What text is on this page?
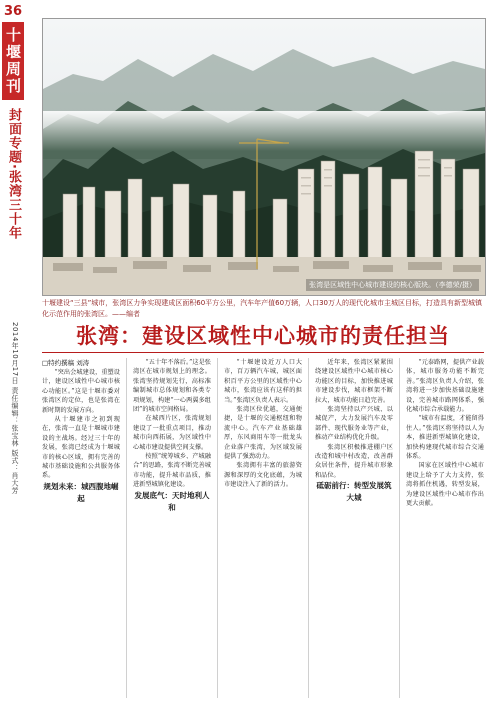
36
十堰周刊
封面专题·张湾三十年
2014年10月17日 责任编辑：张宝林 版式：肖大芳
张湾是区域性中心城市建设的核心版块。（李德荣/摄）
十堰建设“三县”城市，张湾区力争实现建成区面积60平方公里，汽车年产值60万辆，人口30万人的现代化城市主城区目标，打造具有新型城镇化示范作用的张湾区。——编者
张湾：建设区域性中心城市的责任担当

□特约撰稿 刘涛

“突出会城建设，重塑设计，建设区域性中心城市核心功能区。”这是十堰市委对张湾区的定位，也是张湾在新时期的发展方向。

从十堰建市之初到现在，张湾一直是十堰城市建设的主战场。经过三十年的发展，张湾已经成为十堰城市的核心区域，拥有完善的城市基础设施和公共服务体系。

规划未来：城西腹地崛起

“五十年不落后。”这是张湾区在城市规划上的理念。张湾坚持规划先行，高标准编制城市总体规划和各类专项规划，构建“一心两翼多组团”的城市空间格局。

在城西片区，张湾规划建设了一批重点项目，推动城市向西拓展，为区域性中心城市建设提供空间支撑。

按照“统筹城乡、产城融合”的思路，张湾不断完善城市功能，提升城市品质，推进新型城镇化建设。

发展底气：天时地利人和

“十堰建设近万人口大市，百万辆汽车城，城区面积百平方公里的区域性中心城市，张湾应该有这样的担当。”张湾区负责人表示。

张湾区位优越，交通便捷，是十堰的交通枢纽和物流中心。汽车产业基础雄厚，东风商用车等一批龙头企业落户张湾，为区域发展提供了强劲动力。

张湾拥有丰富的旅游资源和深厚的文化底蕴，为城市建设注入了新的活力。

近年来，张湾区紧紧围绕建设区域性中心城市核心功能区的目标，加快推进城市建设步伐，城市框架不断拉大，城市功能日趋完善。

张湾坚持以产兴城、以城促产，大力发展汽车及零部件、现代服务业等产业，推动产业结构优化升级。

张湾区积极推进棚户区改造和城中村改造，改善群众居住条件，提升城市形象和品位。

砥砺前行：转型发展筑大城

“元泰路网，提供产业载体，城市服务功能不断完善。”张湾区负责人介绍，张湾将进一步加快基础设施建设，完善城市路网体系，强化城市综合承载能力。

“城市有温度，才能留得住人。”张湾区将坚持以人为本，推进新型城镇化建设，加快构建现代城市综合交通体系。

国家在区域性中心城市建设上给予了大力支持，张湾将抓住机遇，转型发展，为建设区域性中心城市作出更大贡献。
